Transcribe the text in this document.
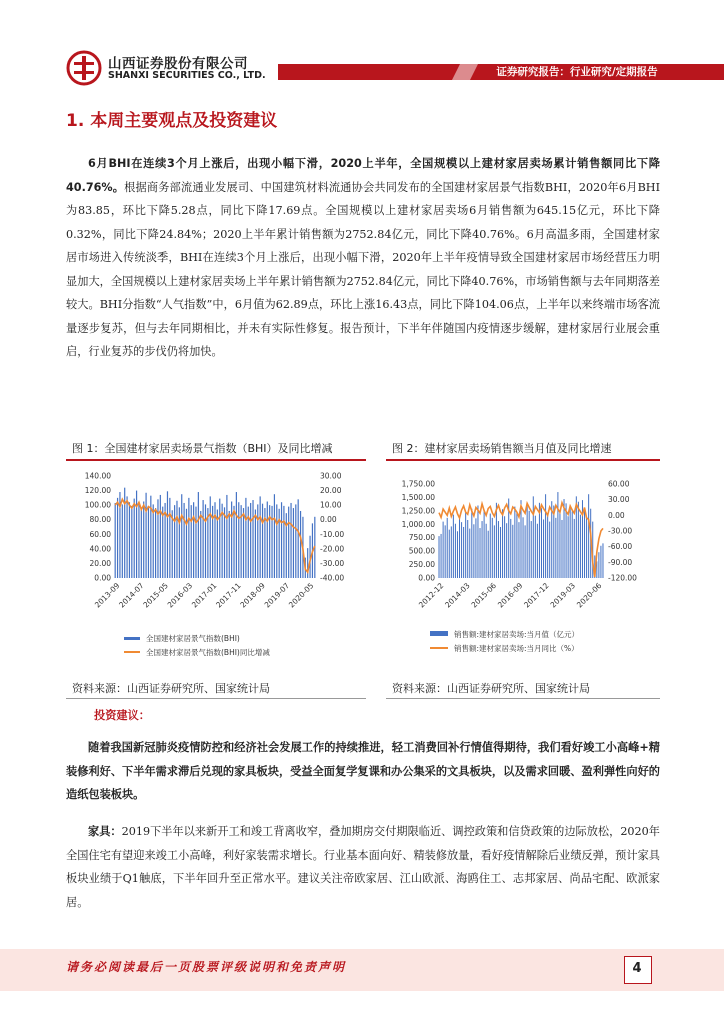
山西证券股份有限公司
SHANXI SECURITIES CO., LTD.	证券研究报告：行业研究/定期报告
1. 本周主要观点及投资建议
6月BHI在连续3个月上涨后，出现小幅下滑，2020上半年，全国规模以上建材家居卖场累计销售额同比下降 40.76%。根据商务部流通业发展司、中国建筑材料流通协会共同发布的全国建材家居景气指数BHI，2020年6月BHI为83.85，环比下降5.28点，同比下降17.69点。全国规模以上建材家居卖场6月销售额为645.15亿元，环比下降0.32%，同比下降24.84%；2020上半年累计销售额为2752.84亿元，同比下降40.76%。6月高温多雨，全国建材家居市场进入传统淡季，BHI在连续3个月上涨后，出现小幅下滑，2020年上半年疫情导致全国建材家居市场经营压力明显加大，全国规模以上建材家居卖场上半年累计销售额为2752.84亿元，同比下降40.76%，市场销售额与去年同期落差较大。BHI分指数“人气指数”中，6月值为62.89点，环比上涨16.43点，同比下降104.06点，上半年以来终端市场客流量逐步复苏，但与去年同期相比，并未有实际性修复。报告预计，下半年伴随国内疫情逐步缓解，建材家居行业展会重启，行业复苏的步伐仍将加快。
图 1：全国建材家居卖场景气指数（BHI）及同比增减	图 2：建材家居卖场销售额当月值及同比增速
140.00
120.00
100.00
80.00
60.00
40.00
20.00
0.00
30.00
20.00
10.00
0.00
-10.00
-20.00
-30.00
-40.00
2013-09
2014-07
2015-05
2016-03
2017-01
2017-11
2018-09
2019-07
2020-05
全国建材家居景气指数(BHI)
全国建材家居景气指数(BHI)同比增减
1,750.00
1,500.00
1,250.00
1,000.00
750.00
500.00
250.00
0.00
60.00
30.00
0.00
-30.00
-60.00
-90.00
-120.00
2012-12
2014-03
2015-06
2016-09
2017-12
2019-03
2020-06
销售额:建材家居卖场:当月值（亿元）
销售额:建材家居卖场:当月同比（%）
资料来源：山西证券研究所、国家统计局	资料来源：山西证券研究所、国家统计局
投资建议：
随着我国新冠肺炎疫情防控和经济社会发展工作的持续推进，轻工消费回补行情值得期待，我们看好竣工小高峰+精装修利好、下半年需求滞后兑现的家具板块，受益全面复学复课和办公集采的文具板块，以及需求回暖、盈利弹性向好的造纸包装板块。
家具：2019下半年以来新开工和竣工背离收窄，叠加期房交付期限临近、调控政策和信贷政策的边际放松，2020年全国住宅有望迎来竣工小高峰，利好家装需求增长。行业基本面向好、精装修放量，看好疫情解除后业绩反弹，预计家具板块业绩于Q1触底，下半年回升至正常水平。建议关注帝欧家居、江山欧派、海鸥住工、志邦家居、尚品宅配、欧派家居。
请务必阅读最后一页股票评级说明和免责声明	4
